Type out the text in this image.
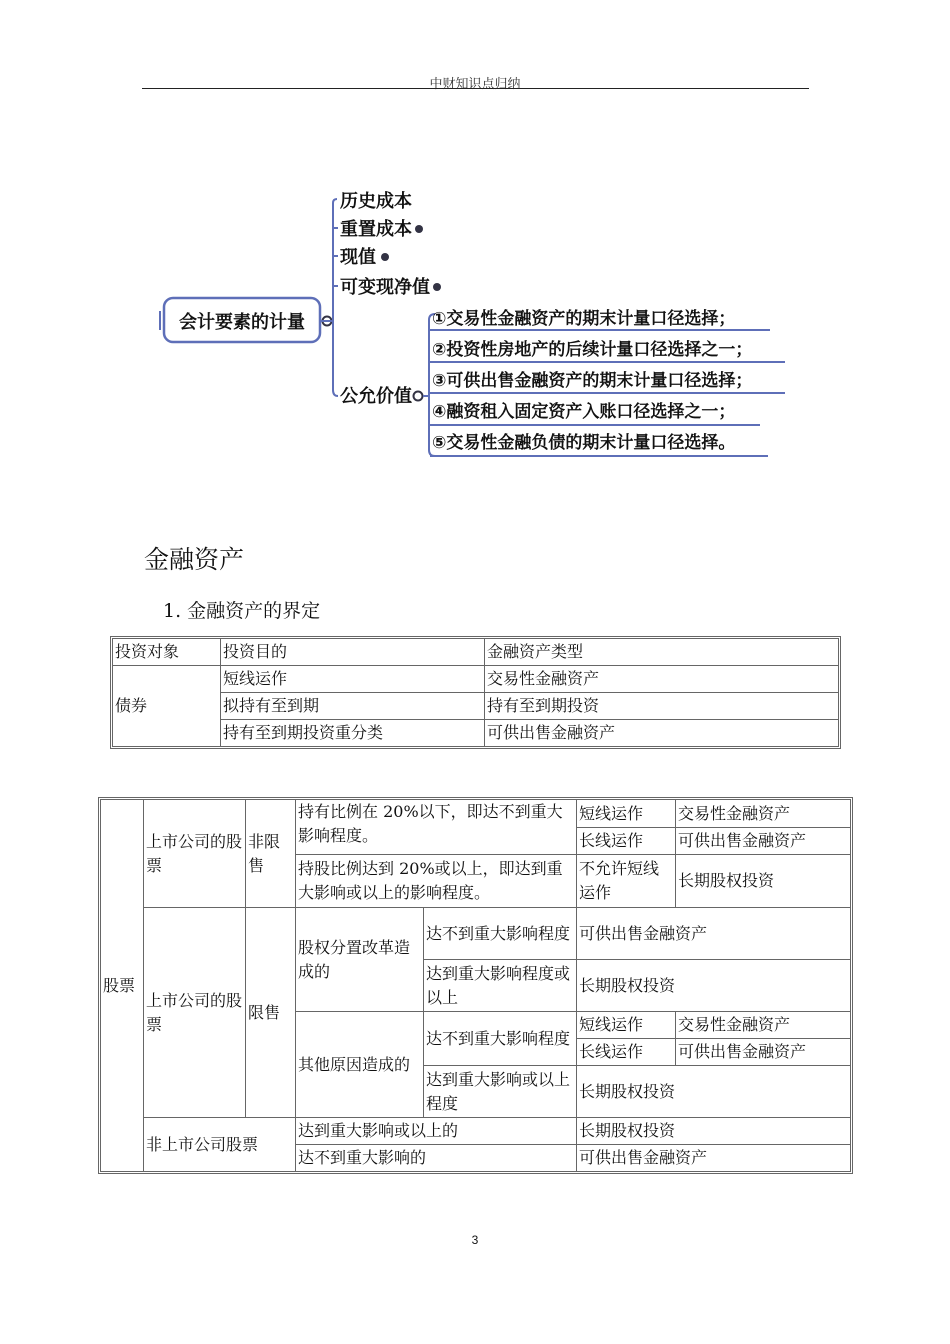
中财知识点归纳
会计要素的计量
历史成本
重置成本
现值
可变现净值
公允价值
①交易性金融资产的期末计量口径选择；
②投资性房地产的后续计量口径选择之一；
③可供出售金融资产的期末计量口径选择；
④融资租入固定资产入账口径选择之一；
⑤交易性金融负债的期末计量口径选择。
金融资产
1. 金融资产的界定
投资对象	投资目的	金融资产类型
债券	短线运作	交易性金融资产
	拟持有至到期	持有至到期投资
	持有至到期投资重分类	可供出售金融资产
股票	上市公司的股票	非限售	持有比例在 20%以下，即达不到重大影响程度。		短线运作	交易性金融资产
					长线运作	可供出售金融资产
			持股比例达到 20%或以上，即达到重大影响或以上的影响程度。		不允许短线运作	长期股权投资
	上市公司的股票	限售	股权分置改革造成的	达不到重大影响程度	可供出售金融资产	
				达到重大影响程度或以上	长期股权投资	
			其他原因造成的	达不到重大影响程度	短线运作	交易性金融资产
					长线运作	可供出售金融资产
				达到重大影响或以上程度	长期股权投资	

	非上市公司股票		达到重大影响或以上的		长期股权投资	
			达不到重大影响的		可供出售金融资产	
3
